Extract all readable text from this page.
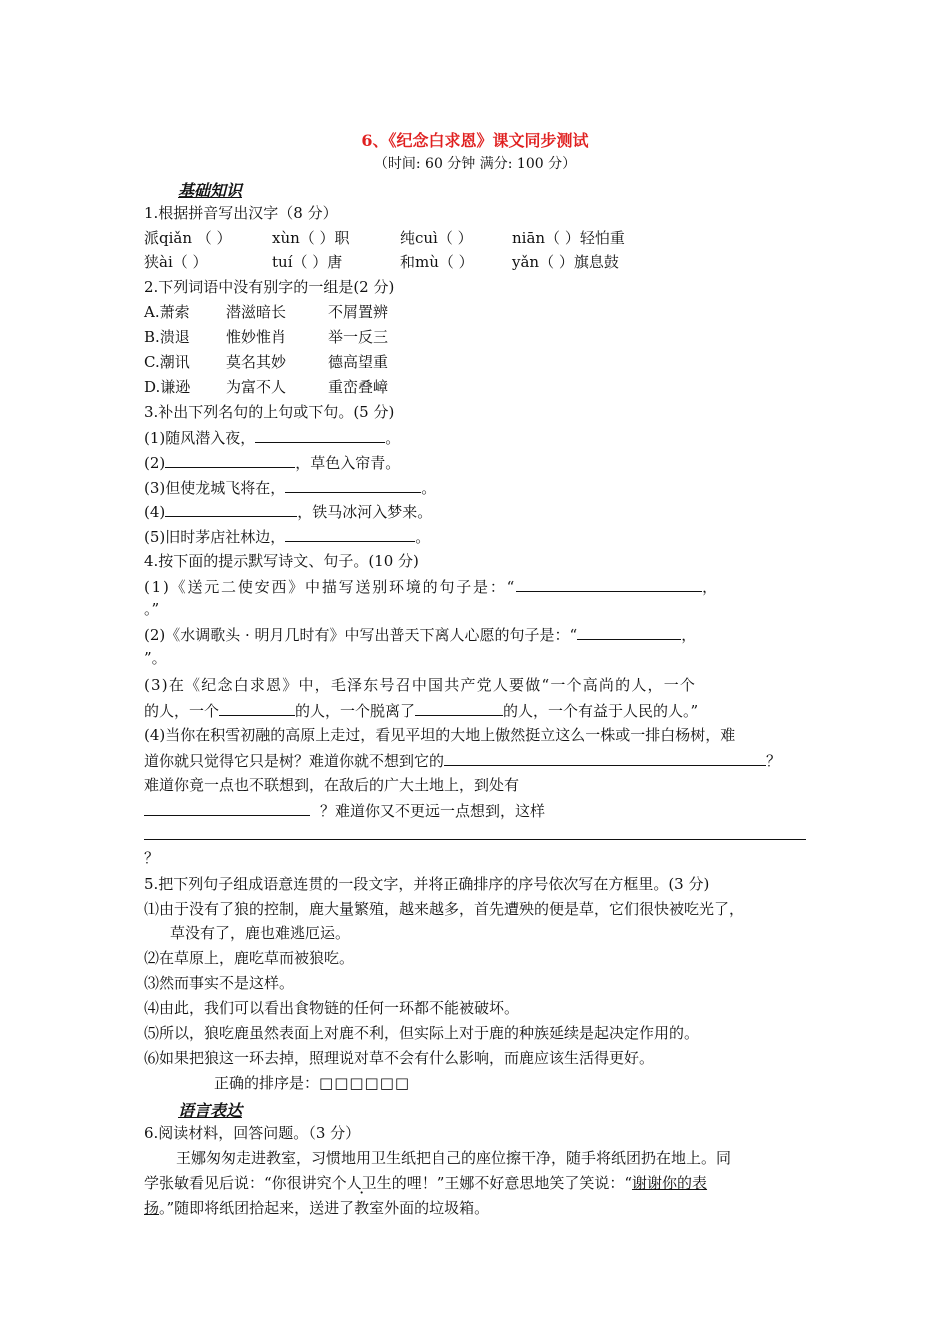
6、《纪念白求恩》课文同步测试
（时间: 60 分钟 满分: 100 分）
基础知识
1.根据拼音写出汉字（8 分）
派qiǎn （ ）	xùn（ ）职	纯cuì（ ）	niān（ ）轻怕重
狭ài（ ）	tuí（ ）唐	和mù（ ）	yǎn（ ）旗息鼓
2.下列词语中没有别字的一组是(2 分)
A.萧索 潜滋暗长	不屑置辨
B.溃退 惟妙惟肖	举一反三
C.潮讯 莫名其妙	德高望重
D.谦逊 为富不人	重峦叠嶂
3.补出下列名句的上句或下句。(5 分)
(1)随风潜入夜，	。
(2)	，草色入帘青。
(3)但使龙城飞将在，	。
(4)	，铁马冰河入梦来。
(5)旧时茅店社林边，	。
4.按下面的提示默写诗文、句子。(10 分)
(1)《送元二使安西》中描写送别环境的句子是：“	，
。”
(2)《水调歌头 · 明月几时有》中写出普天下离人心愿的句子是：“	，
”。
(3)在《纪念白求恩》中，毛泽东号召中国共产党人要做“一个高尚的人，一个
的人，一个	的人，一个脱离了	的人，一个有益于人民的人。”
(4)当你在积雪初融的高原上走过，看见平坦的大地上傲然挺立这么一株或一排白杨树，难
道你就只觉得它只是树？难道你就不想到它的	？
难道你竟一点也不联想到，在敌后的广大土地上，到处有
？难道你又不更远一点想到，这样
？
5.把下列句子组成语意连贯的一段文字，并将正确排序的序号依次写在方框里。(3 分)
⑴由于没有了狼的控制，鹿大量繁殖，越来越多，首先遭殃的便是草，它们很快被吃光了，
草没有了，鹿也难逃厄运。
⑵在草原上，鹿吃草而被狼吃。
⑶然而事实不是这样。
⑷由此，我们可以看出食物链的任何一环都不能被破坏。
⑸所以，狼吃鹿虽然表面上对鹿不利，但实际上对于鹿的种族延续是起决定作用的。
⑹如果把狼这一环去掉，照理说对草不会有什么影响，而鹿应该生活得更好。
正确的排序是：□□□□□□
语言表达
6.阅读材料，回答问题。（3 分）
王娜匆匆走进教室，习惯地用卫生纸把自己的座位擦干净，随手将纸团扔在地上。同
学张敏看见后说：“你很讲究个人卫生的哩！”王娜不好意思地笑了笑说：“谢谢你的表
扬。”随即将纸团拾起来，送进了教室外面的垃圾箱。
